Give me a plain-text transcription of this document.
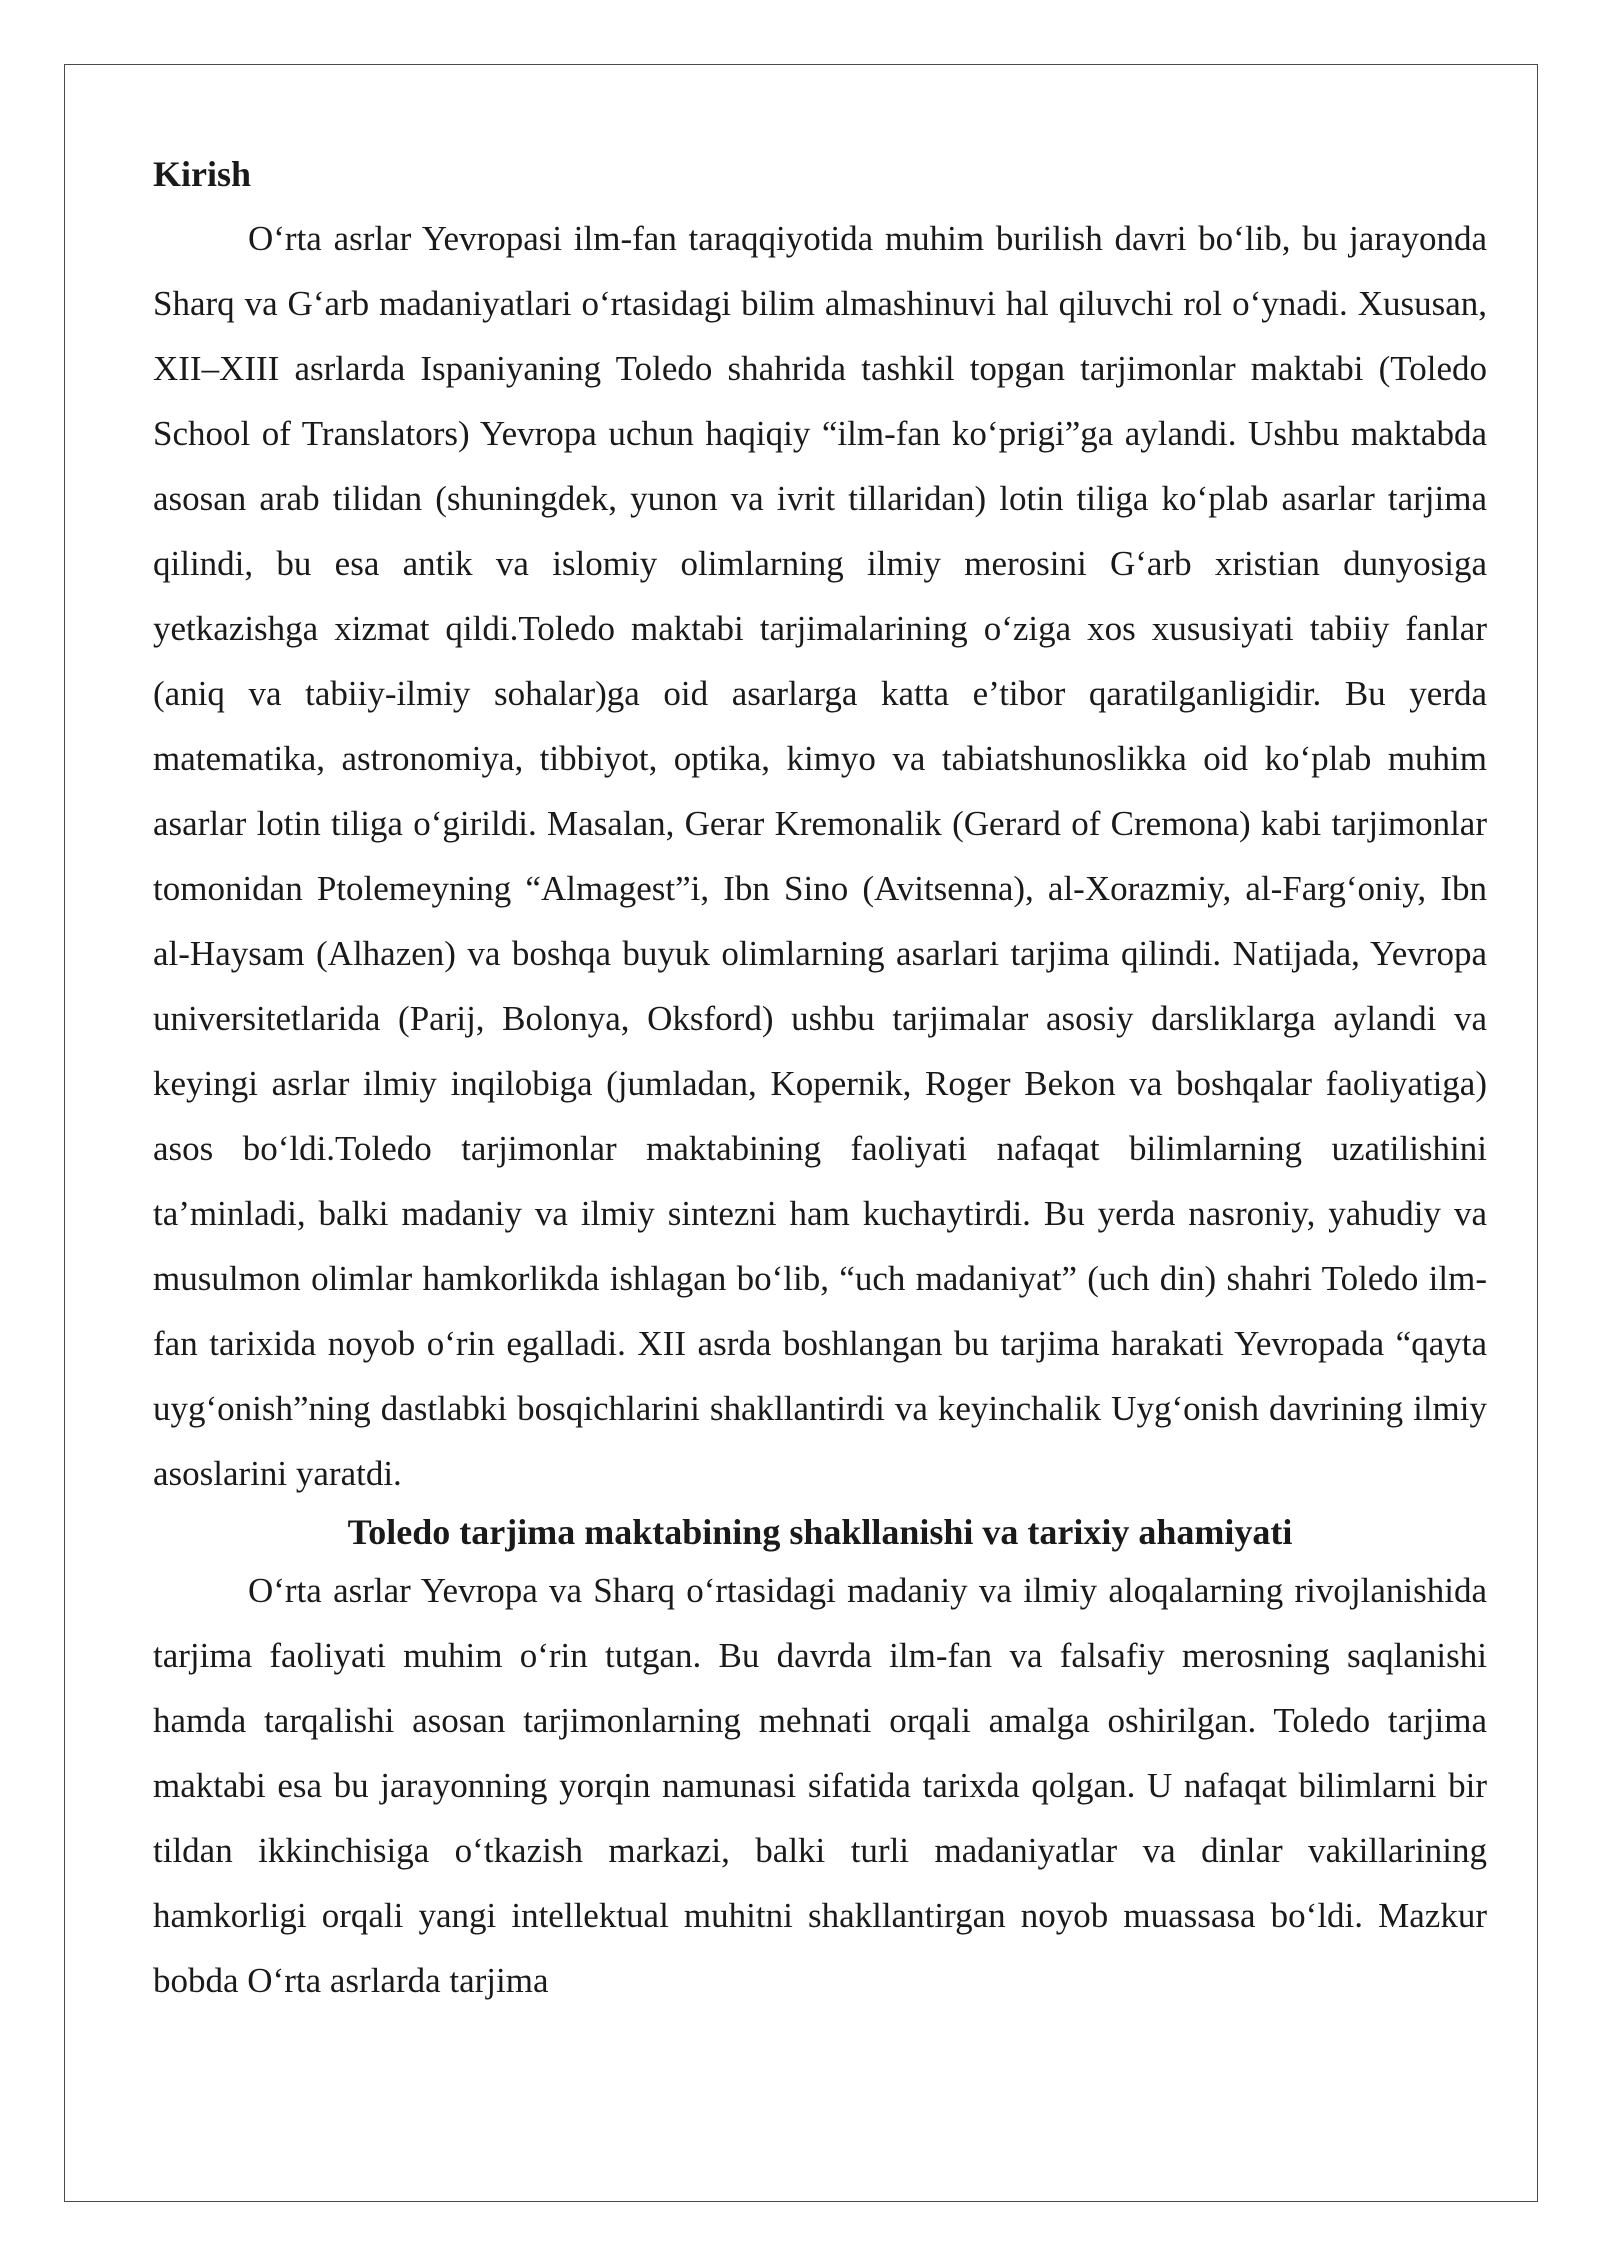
Kirish

O‘rta asrlar Yevropasi ilm-fan taraqqiyotida muhim burilish davri bo‘lib, bu jarayonda Sharq va G‘arb madaniyatlari o‘rtasidagi bilim almashinuvi hal qiluvchi rol o‘ynadi. Xususan, XII–XIII asrlarda Ispaniyaning Toledo shahrida tashkil topgan tarjimonlar maktabi (Toledo School of Translators) Yevropa uchun haqiqiy “ilm-fan ko‘prigi”ga aylandi. Ushbu maktabda asosan arab tilidan (shuningdek, yunon va ivrit tillaridan) lotin tiliga ko‘plab asarlar tarjima qilindi, bu esa antik va islomiy olimlarning ilmiy merosini G‘arb xristian dunyosiga yetkazishga xizmat qildi.Toledo maktabi tarjimalarining o‘ziga xos xususiyati tabiiy fanlar (aniq va tabiiy-ilmiy sohalar)ga oid asarlarga katta e’tibor qaratilganligidir. Bu yerda matematika, astronomiya, tibbiyot, optika, kimyo va tabiatshunoslikka oid ko‘plab muhim asarlar lotin tiliga o‘girildi. Masalan, Gerar Kremonalik (Gerard of Cremona) kabi tarjimonlar tomonidan Ptolemeyning “Almagest”i, Ibn Sino (Avitsenna), al-Xorazmiy, al-Farg‘oniy, Ibn al-Haysam (Alhazen) va boshqa buyuk olimlarning asarlari tarjima qilindi. Natijada, Yevropa universitetlarida (Parij, Bolonya, Oksford) ushbu tarjimalar asosiy darsliklarga aylandi va keyingi asrlar ilmiy inqilobiga (jumladan, Kopernik, Roger Bekon va boshqalar faoliyatiga) asos bo‘ldi.Toledo tarjimonlar maktabining faoliyati nafaqat bilimlarning uzatilishini ta’minladi, balki madaniy va ilmiy sintezni ham kuchaytirdi. Bu yerda nasroniy, yahudiy va musulmon olimlar hamkorlikda ishlagan bo‘lib, “uch madaniyat” (uch din) shahri Toledo ilm-fan tarixida noyob o‘rin egalladi. XII asrda boshlangan bu tarjima harakati Yevropada “qayta uyg‘onish”ning dastlabki bosqichlarini shakllantirdi va keyinchalik Uyg‘onish davrining ilmiy asoslarini yaratdi.

Toledo tarjima maktabining shakllanishi va tarixiy ahamiyati

O‘rta asrlar Yevropa va Sharq o‘rtasidagi madaniy va ilmiy aloqalarning rivojlanishida tarjima faoliyati muhim o‘rin tutgan. Bu davrda ilm-fan va falsafiy merosning saqlanishi hamda tarqalishi asosan tarjimonlarning mehnati orqali amalga oshirilgan. Toledo tarjima maktabi esa bu jarayonning yorqin namunasi sifatida tarixda qolgan. U nafaqat bilimlarni bir tildan ikkinchisiga o‘tkazish markazi, balki turli madaniyatlar va dinlar vakillarining hamkorligi orqali yangi intellektual muhitni shakllantirgan noyob muassasa bo‘ldi. Mazkur bobda O‘rta asrlarda tarjima
